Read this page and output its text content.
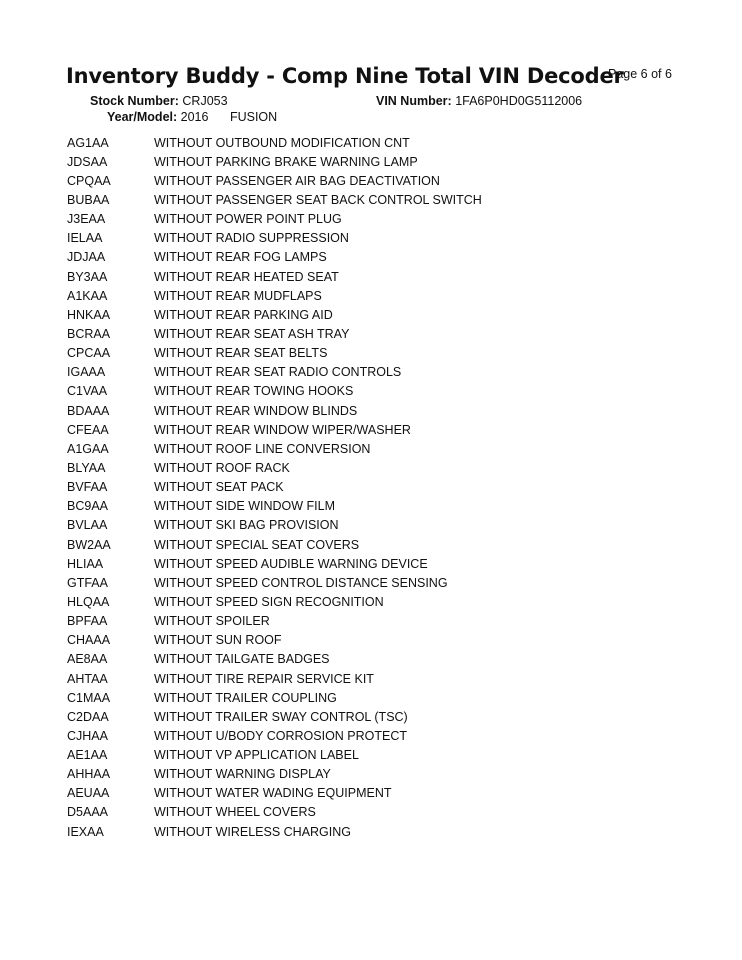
Inventory Buddy - Comp Nine Total VIN Decoder
Page 6 of 6
Stock Number: CRJ053	VIN Number: 1FA6P0HD0G5112006
Year/Model: 2016 FUSION
AG1AA	WITHOUT OUTBOUND MODIFICATION CNT
JDSAA	WITHOUT PARKING BRAKE WARNING LAMP
CPQAA	WITHOUT PASSENGER AIR BAG DEACTIVATION
BUBAA	WITHOUT PASSENGER SEAT BACK CONTROL SWITCH
J3EAA	WITHOUT POWER POINT PLUG
IELAA	WITHOUT RADIO SUPPRESSION
JDJAA	WITHOUT REAR FOG LAMPS
BY3AA	WITHOUT REAR HEATED SEAT
A1KAA	WITHOUT REAR MUDFLAPS
HNKAA	WITHOUT REAR PARKING AID
BCRAA	WITHOUT REAR SEAT ASH TRAY
CPCAA	WITHOUT REAR SEAT BELTS
IGAAA	WITHOUT REAR SEAT RADIO CONTROLS
C1VAA	WITHOUT REAR TOWING HOOKS
BDAAA	WITHOUT REAR WINDOW BLINDS
CFEAA	WITHOUT REAR WINDOW WIPER/WASHER
A1GAA	WITHOUT ROOF LINE CONVERSION
BLYAA	WITHOUT ROOF RACK
BVFAA	WITHOUT SEAT PACK
BC9AA	WITHOUT SIDE WINDOW FILM
BVLAA	WITHOUT SKI BAG PROVISION
BW2AA	WITHOUT SPECIAL SEAT COVERS
HLIAA	WITHOUT SPEED AUDIBLE WARNING DEVICE
GTFAA	WITHOUT SPEED CONTROL DISTANCE SENSING
HLQAA	WITHOUT SPEED SIGN RECOGNITION
BPFAA	WITHOUT SPOILER
CHAAA	WITHOUT SUN ROOF
AE8AA	WITHOUT TAILGATE BADGES
AHTAA	WITHOUT TIRE REPAIR SERVICE KIT
C1MAA	WITHOUT TRAILER COUPLING
C2DAA	WITHOUT TRAILER SWAY CONTROL (TSC)
CJHAA	WITHOUT U/BODY CORROSION PROTECT
AE1AA	WITHOUT VP APPLICATION LABEL
AHHAA	WITHOUT WARNING DISPLAY
AEUAA	WITHOUT WATER WADING EQUIPMENT
D5AAA	WITHOUT WHEEL COVERS
IEXAA	WITHOUT WIRELESS CHARGING
